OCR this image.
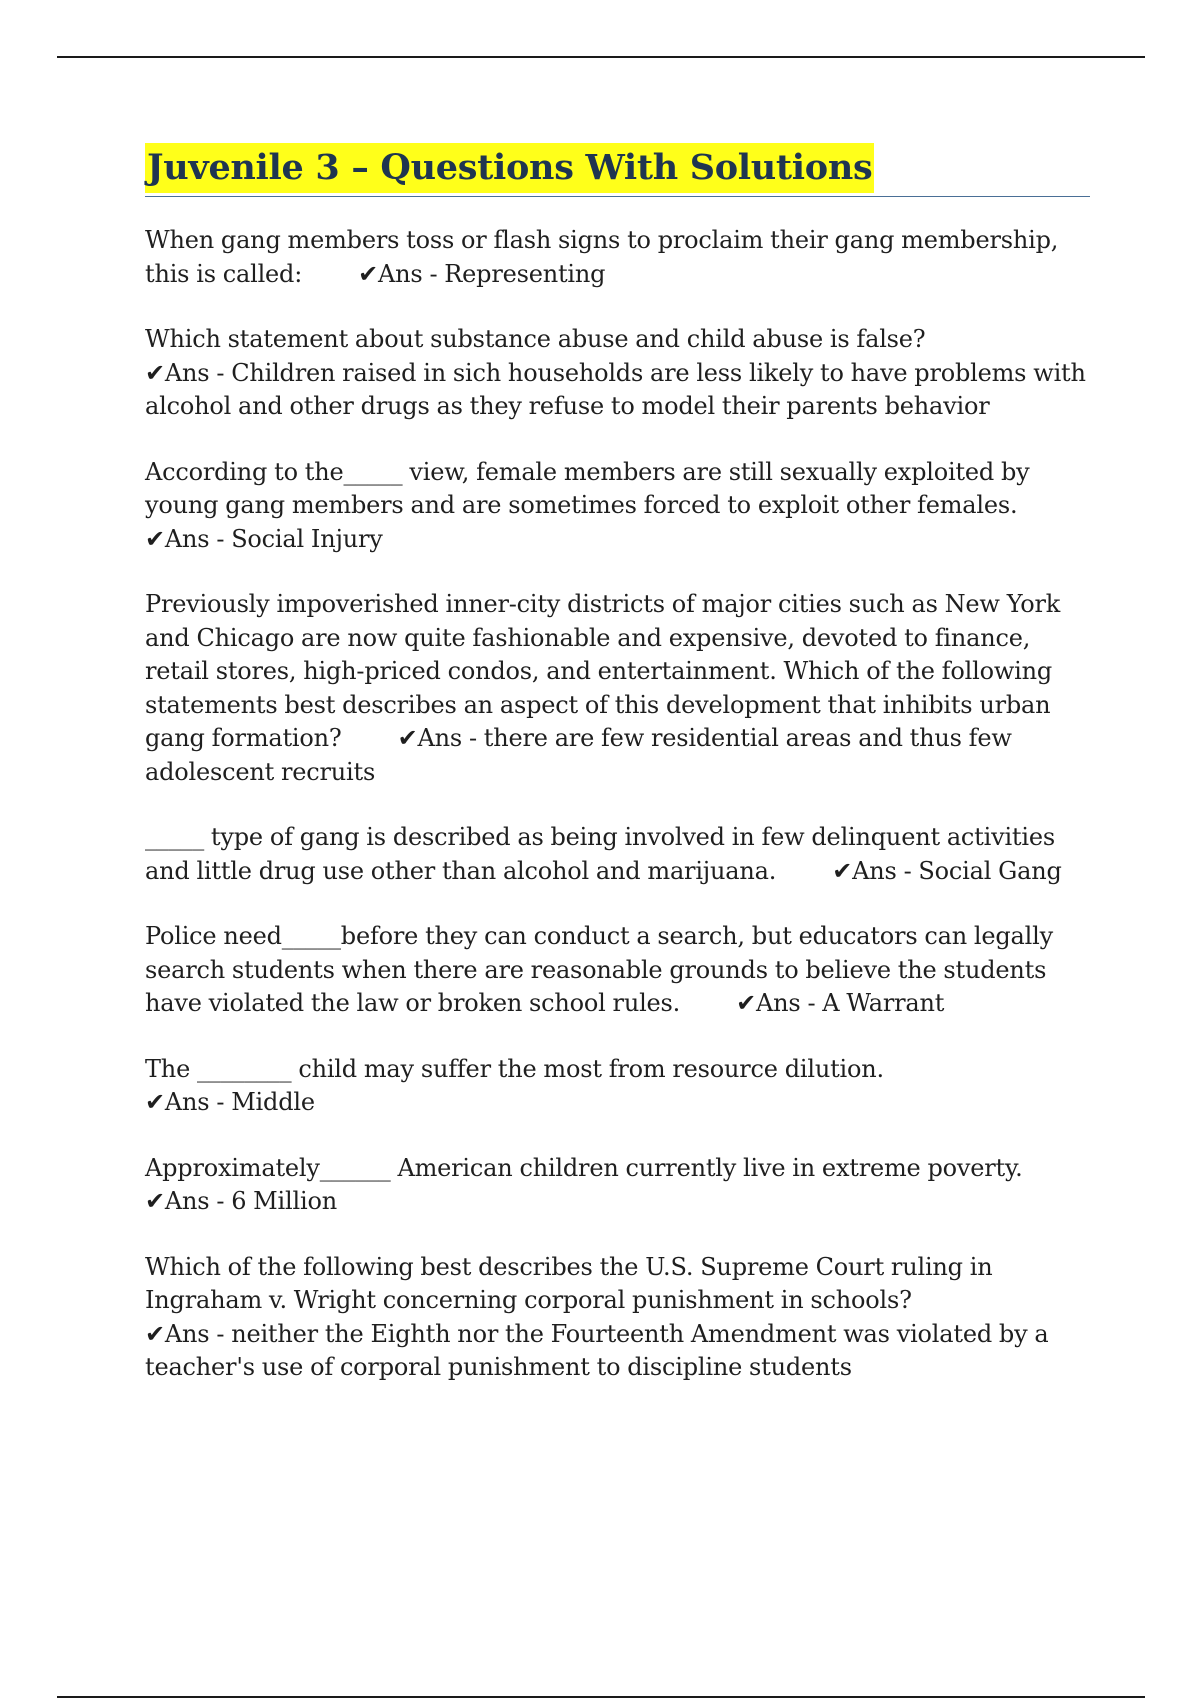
Juvenile 3 – Questions With Solutions
When gang members toss or flash signs to proclaim their gang membership, this is called: ✔Ans - Representing
Which statement about substance abuse and child abuse is false?✔Ans - Children raised in sich households are less likely to have problems with alcohol and other drugs as they refuse to model their parents behavior
According to the_____ view, female members are still sexually exploited by young gang members and are sometimes forced to exploit other females.✔Ans - Social Injury
Previously impoverished inner-city districts of major cities such as New York and Chicago are now quite fashionable and expensive, devoted to finance, retail stores, high-priced condos, and entertainment. Which of the following statements best describes an aspect of this development that inhibits urban gang formation? ✔Ans - there are few residential areas and thus few adolescent recruits
_____ type of gang is described as being involved in few delinquent activities and little drug use other than alcohol and marijuana. ✔Ans - Social Gang
Police need_____before they can conduct a search, but educators can legally search students when there are reasonable grounds to believe the students have violated the law or broken school rules. ✔Ans - A Warrant
The ________ child may suffer the most from resource dilution.✔Ans - Middle
Approximately______ American children currently live in extreme poverty.✔Ans - 6 Million
Which of the following best describes the U.S. Supreme Court ruling in Ingraham v. Wright concerning corporal punishment in schools?✔Ans - neither the Eighth nor the Fourteenth Amendment was violated by a teacher's use of corporal punishment to discipline students
